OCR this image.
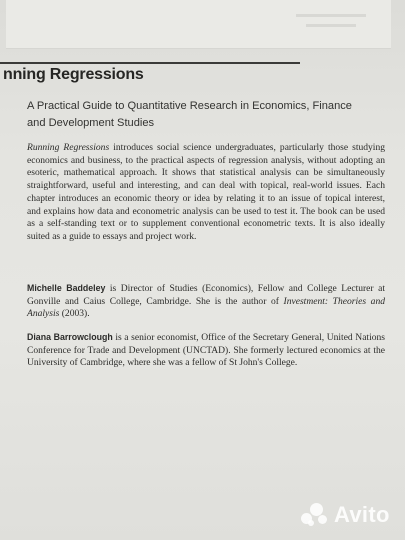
nning Regressions

A Practical Guide to Quantitative Research in Economics, Finance
and Development Studies

Running Regressions introduces social science undergraduates, particularly those studying economics and business, to the practical aspects of regression analysis, without adopting an esoteric, mathematical approach. It shows that statistical analysis can be simultaneously straightforward, useful and interesting, and can deal with topical, real-world issues. Each chapter introduces an economic theory or idea by relating it to an issue of topical interest, and explains how data and econometric analysis can be used to test it. The book can be used as a self-standing text or to supplement conventional econometric texts. It is also ideally suited as a guide to essays and project work.

Michelle Baddeley is Director of Studies (Economics), Fellow and College Lecturer at Gonville and Caius College, Cambridge. She is the author of Investment: Theories and Analysis (2003).

Diana Barrowclough is a senior economist, Office of the Secretary General, United Nations Conference for Trade and Development (UNCTAD). She formerly lectured economics at the University of Cambridge, where she was a fellow of St John's College.

Avito
